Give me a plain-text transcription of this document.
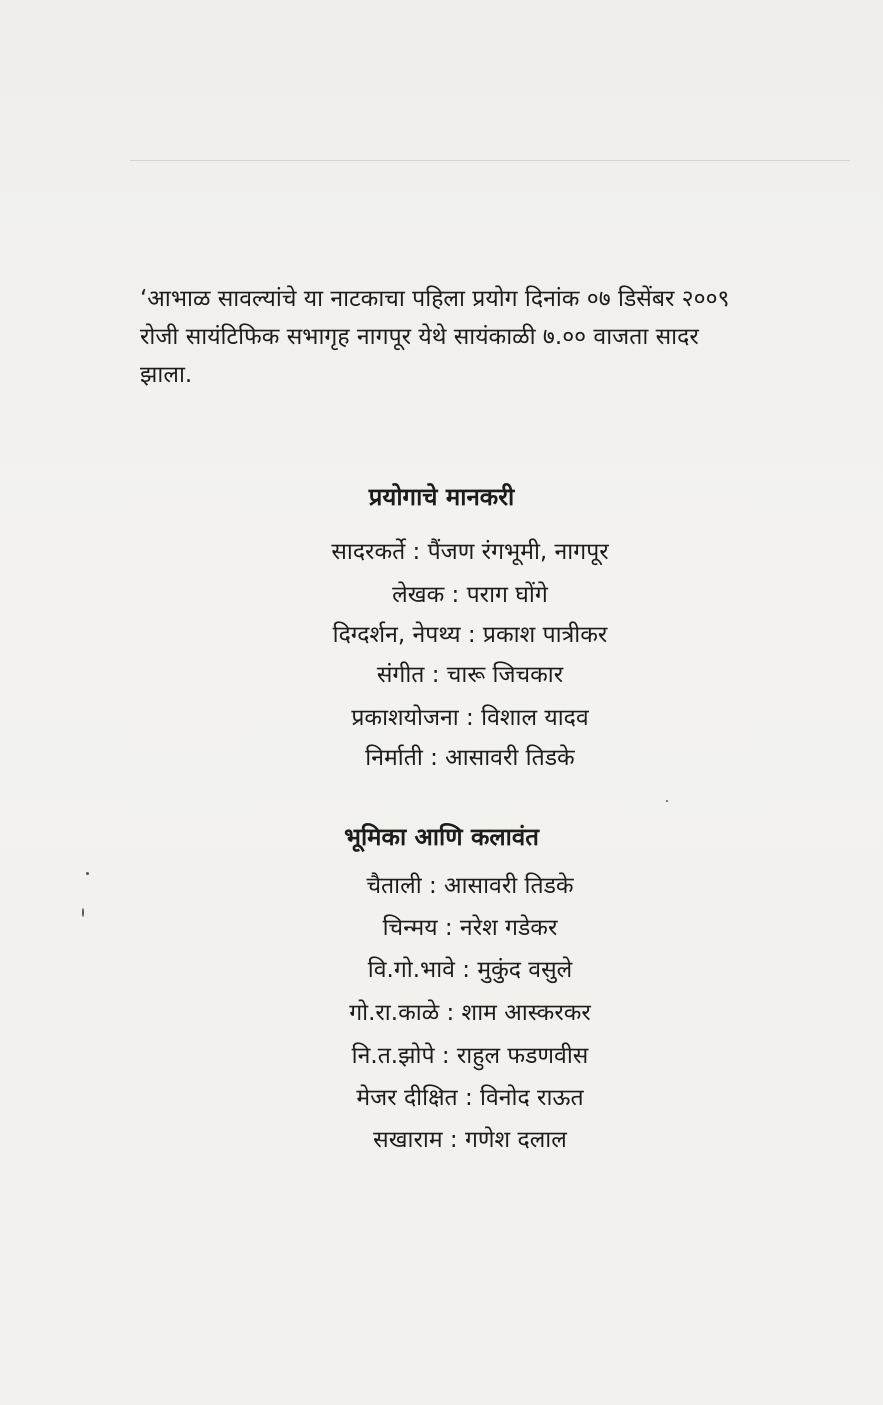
‘आभाळ सावल्यांचे या नाटकाचा पहिला प्रयोग दिनांक ०७ डिसेंबर २००९
रोजी सायंटिफिक सभागृह नागपूर येथे सायंकाळी ७.०० वाजता सादर
झाला.
प्रयोगाचे मानकरी
सादरकर्ते : पैंजण रंगभूमी, नागपूर
लेखक : पराग घोंगे
दिग्दर्शन, नेपथ्य : प्रकाश पात्रीकर
संगीत : चारू जिचकार
प्रकाशयोजना : विशाल यादव
निर्माती : आसावरी तिडके
भूमिका आणि कलावंत
चैताली : आसावरी तिडके
चिन्मय : नरेश गडेकर
वि.गो.भावे : मुकुंद वसुले
गो.रा.काळे : शाम आस्करकर
नि.त.झोपे : राहुल फडणवीस
मेजर दीक्षित : विनोद राऊत
सखाराम : गणेश दलाल
